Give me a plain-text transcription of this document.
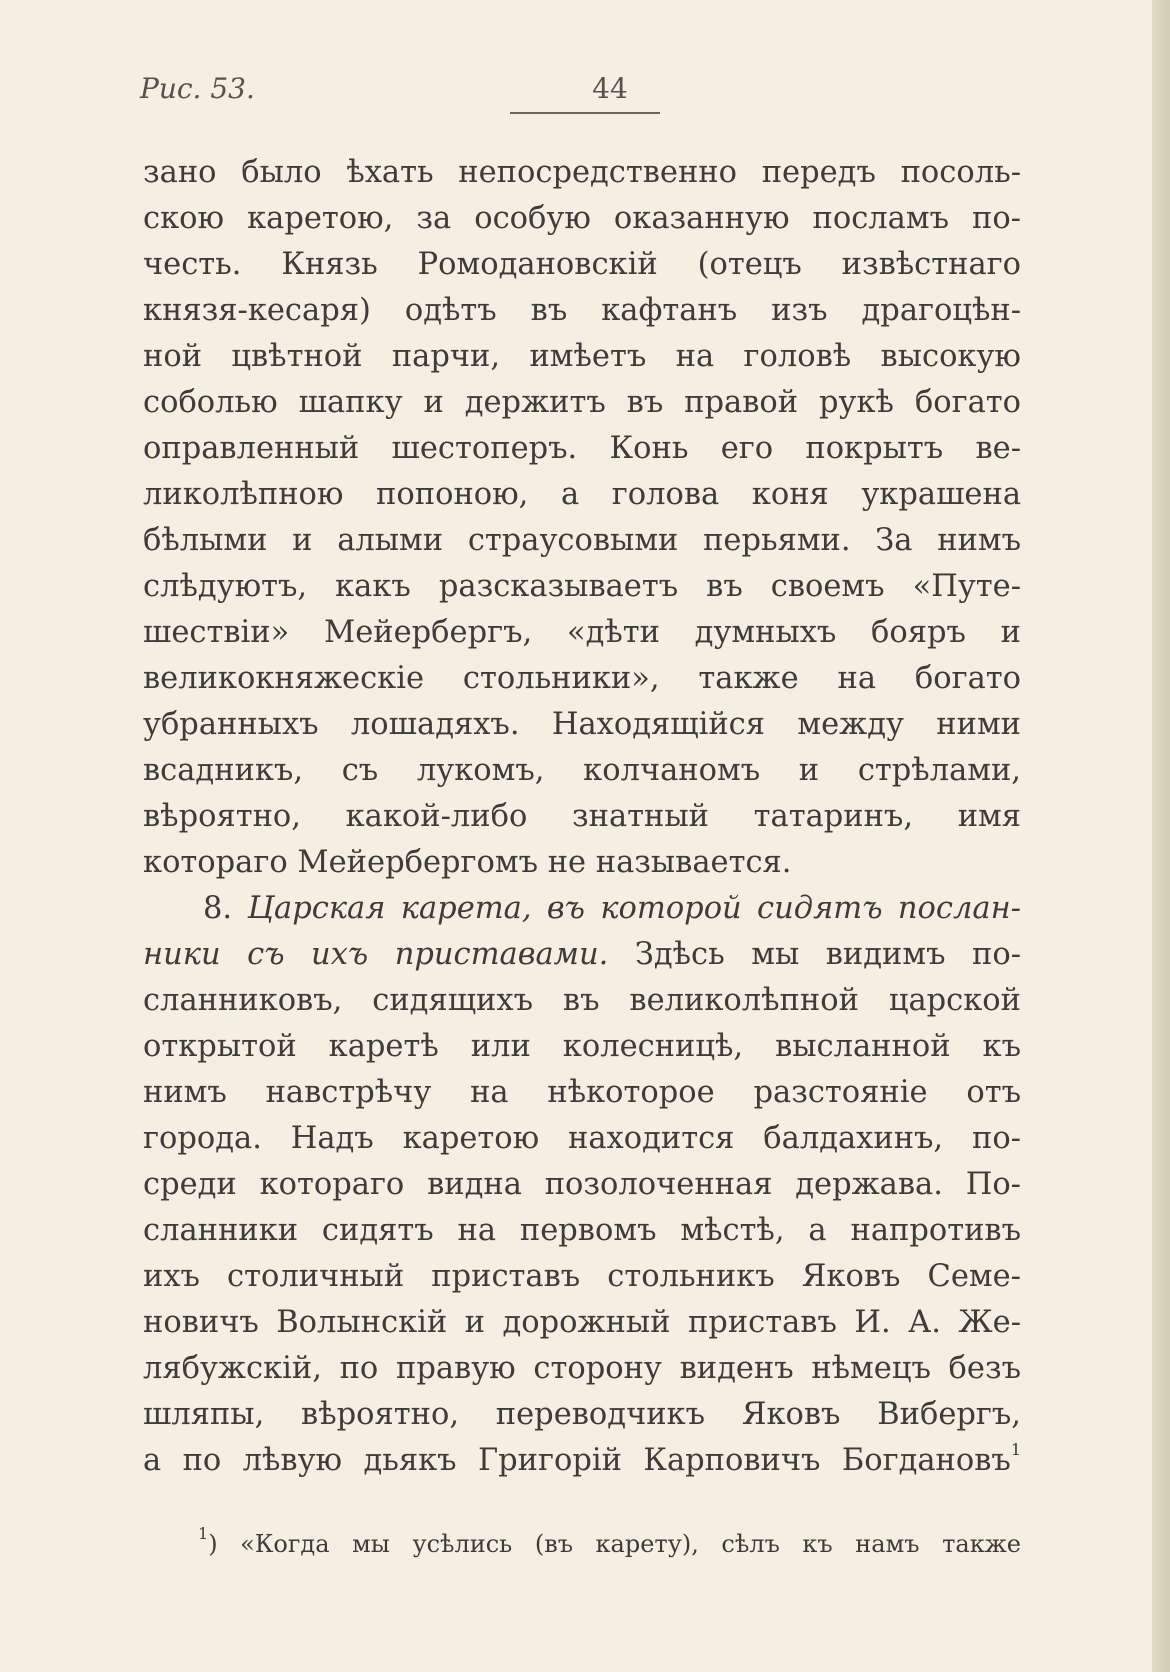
Рис. 53.	44
зано было ѣхать непосредственно передъ посоль-
скою каретою, за особую оказанную посламъ по-
честь. Князь Ромодановскій (отецъ извѣстнаго
князя-кесаря) одѣтъ въ кафтанъ изъ драгоцѣн-
ной цвѣтной парчи, имѣетъ на головѣ высокую
соболью шапку и держитъ въ правой рукѣ богато
оправленный шестоперъ. Конь его покрытъ ве-
ликолѣпною попоною, а голова коня украшена
бѣлыми и алыми страусовыми перьями. За нимъ
слѣдуютъ, какъ разсказываетъ въ своемъ «Путе-
шествіи» Мейербергъ, «дѣти думныхъ бояръ и
великокняжескіе стольники», также на богато
убранныхъ лошадяхъ. Находящійся между ними
всадникъ, съ лукомъ, колчаномъ и стрѣлами,
вѣроятно, какой-либо знатный татаринъ, имя
котораго Мейербергомъ не называется.
8. Царская карета, въ которой сидятъ послан-
ники съ ихъ приставами. Здѣсь мы видимъ по-
сланниковъ, сидящихъ въ великолѣпной царской
открытой каретѣ или колесницѣ, высланной къ
нимъ навстрѣчу на нѣкоторое разстояніе отъ
города. Надъ каретою находится балдахинъ, по-
среди котораго видна позолоченная держава. По-
сланники сидятъ на первомъ мѣстѣ, а напротивъ
ихъ столичный приставъ стольникъ Яковъ Семе-
новичъ Волынскій и дорожный приставъ И. А. Же-
лябужскій, по правую сторону виденъ нѣмецъ безъ
шляпы, вѣроятно, переводчикъ Яковъ Вибергъ,
а по лѣвую дьякъ Григорій Карповичъ Богдановъ$^1$
$^1$) «Когда мы усѣлись (въ карету), сѣлъ къ намъ также
